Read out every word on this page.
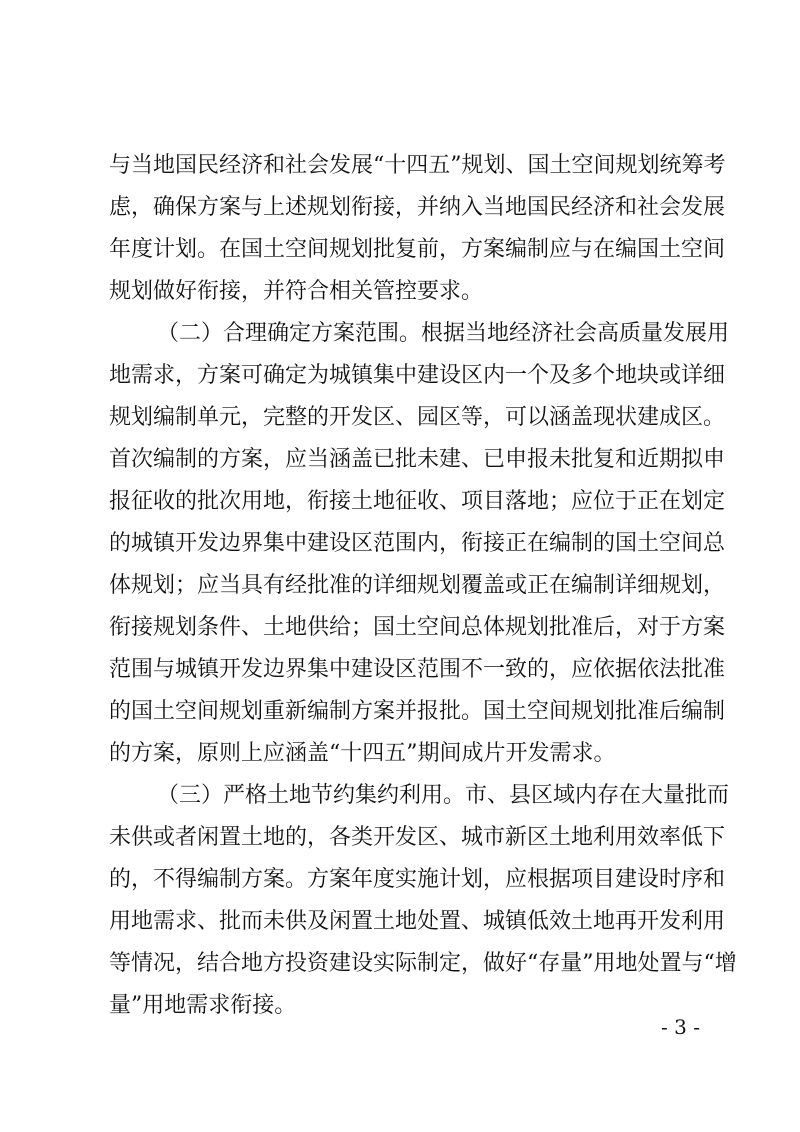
与当地国民经济和社会发展“十四五”规划、国土空间规划统筹考
虑，确保方案与上述规划衔接，并纳入当地国民经济和社会发展
年度计划。在国土空间规划批复前，方案编制应与在编国土空间
规划做好衔接，并符合相关管控要求。
（二）合理确定方案范围。根据当地经济社会高质量发展用
地需求，方案可确定为城镇集中建设区内一个及多个地块或详细
规划编制单元，完整的开发区、园区等，可以涵盖现状建成区。
首次编制的方案，应当涵盖已批未建、已申报未批复和近期拟申
报征收的批次用地，衔接土地征收、项目落地；应位于正在划定
的城镇开发边界集中建设区范围内，衔接正在编制的国土空间总
体规划；应当具有经批准的详细规划覆盖或正在编制详细规划，
衔接规划条件、土地供给；国土空间总体规划批准后，对于方案
范围与城镇开发边界集中建设区范围不一致的，应依据依法批准
的国土空间规划重新编制方案并报批。国土空间规划批准后编制
的方案，原则上应涵盖“十四五”期间成片开发需求。
（三）严格土地节约集约利用。市、县区域内存在大量批而
未供或者闲置土地的，各类开发区、城市新区土地利用效率低下
的，不得编制方案。方案年度实施计划，应根据项目建设时序和
用地需求、批而未供及闲置土地处置、城镇低效土地再开发利用
等情况，结合地方投资建设实际制定，做好“存量”用地处置与“增
量”用地需求衔接。
- 3 -
